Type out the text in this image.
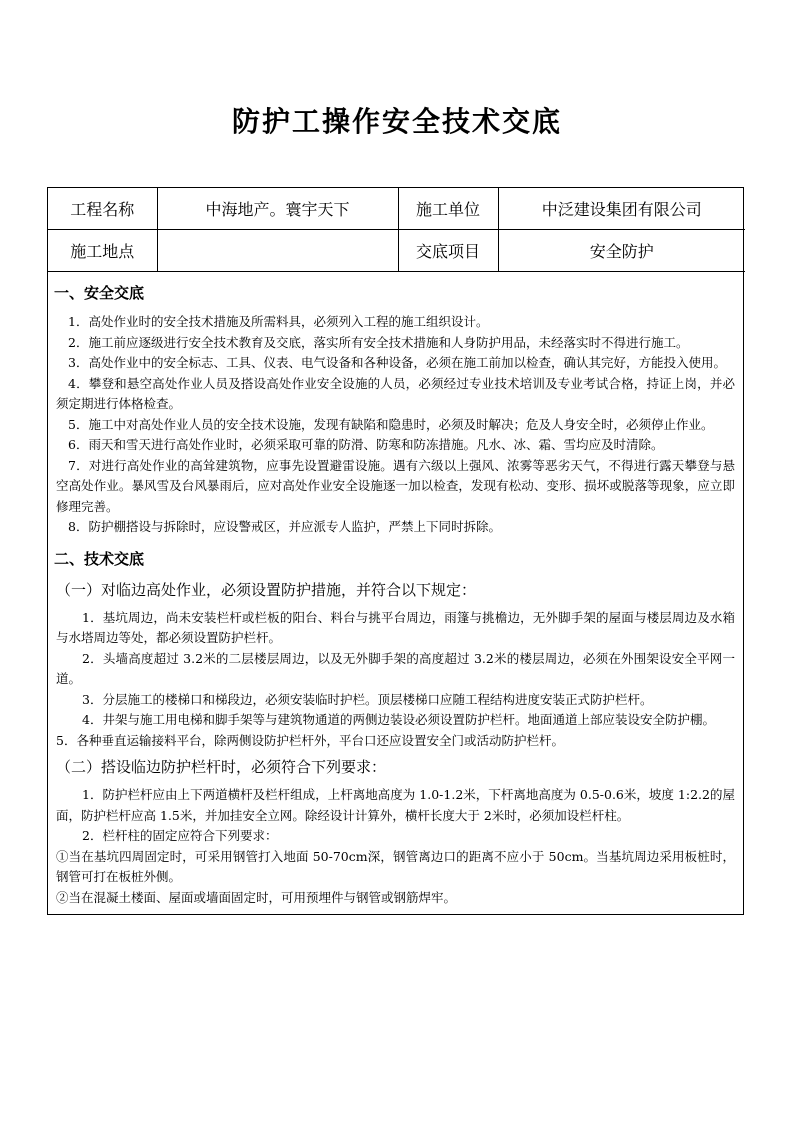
防护工操作安全技术交底
工程名称	中海地产。寰宇天下	施工单位	中泛建设集团有限公司
施工地点		交底项目	安全防护
一、安全交底

1．高处作业时的安全技术措施及所需料具，必须列入工程的施工组织设计。

2．施工前应逐级进行安全技术教育及交底，落实所有安全技术措施和人身防护用品，未经落实时不得进行施工。

3．高处作业中的安全标志、工具、仪表、电气设备和各种设备，必须在施工前加以检查，确认其完好，方能投入使用。

4．攀登和悬空高处作业人员及搭设高处作业安全设施的人员，必须经过专业技术培训及专业考试合格，持证上岗，并必须定期进行体格检查。

5．施工中对高处作业人员的安全技术设施，发现有缺陷和隐患时，必须及时解决；危及人身安全时，必须停止作业。

6．雨天和雪天进行高处作业时，必须采取可靠的防滑、防寒和防冻措施。凡水、冰、霜、雪均应及时清除。

7．对进行高处作业的高耸建筑物，应事先设置避雷设施。遇有六级以上强风、浓雾等恶劣天气，不得进行露天攀登与悬空高处作业。暴风雪及台风暴雨后，应对高处作业安全设施逐一加以检查，发现有松动、变形、损坏或脱落等现象，应立即修理完善。

8．防护棚搭设与拆除时，应设警戒区，并应派专人监护，严禁上下同时拆除。

二、技术交底
（一）对临边高处作业，必须设置防护措施，并符合以下规定：

1．基坑周边，尚未安装栏杆或栏板的阳台、料台与挑平台周边，雨篷与挑檐边，无外脚手架的屋面与楼层周边及水箱与水塔周边等处，都必须设置防护栏杆。

2．头墙高度超过 3.2米的二层楼层周边，以及无外脚手架的高度超过 3.2米的楼层周边，必须在外围架设安全平网一道。

3．分层施工的楼梯口和梯段边，必须安装临时护栏。顶层楼梯口应随工程结构进度安装正式防护栏杆。

4．井架与施工用电梯和脚手架等与建筑物通道的两侧边装设必须设置防护栏杆。地面通道上部应装设安全防护棚。

5．各种垂直运输接料平台，除两侧设防护栏杆外，平台口还应设置安全门或活动防护栏杆。

（二）搭设临边防护栏杆时，必须符合下列要求：

1．防护栏杆应由上下两道横杆及栏杆组成，上杆离地高度为 1.0-1.2米，下杆离地高度为 0.5-0.6米，坡度 1:2.2的屋面，防护栏杆应高 1.5米，并加挂安全立网。除经设计计算外，横杆长度大于 2米时，必须加设栏杆柱。

2．栏杆柱的固定应符合下列要求：

①当在基坑四周固定时，可采用钢管打入地面 50-70cm深，钢管离边口的距离不应小于 50cm。当基坑周边采用板桩时，钢管可打在板桩外侧。

②当在混凝土楼面、屋面或墙面固定时，可用预埋件与钢管或钢筋焊牢。
